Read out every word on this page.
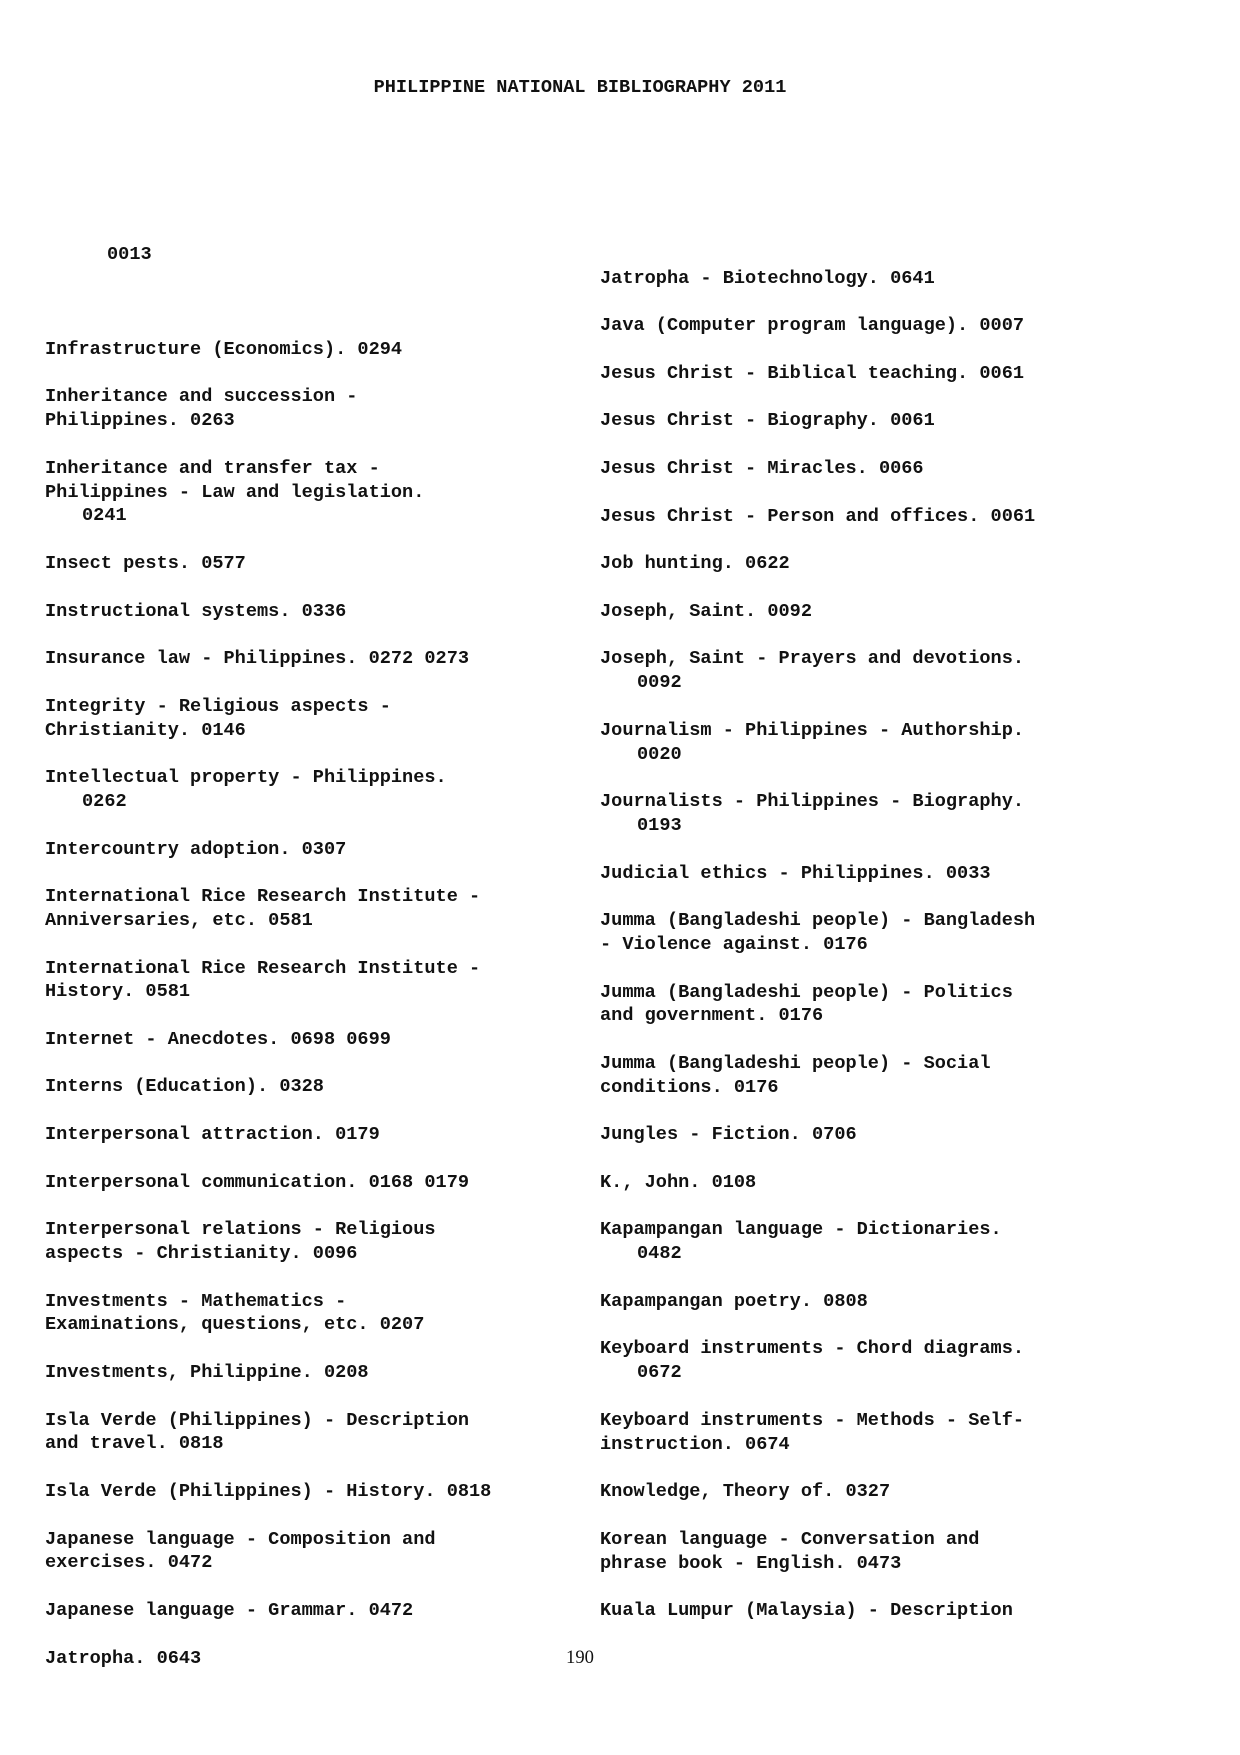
PHILIPPINE NATIONAL BIBLIOGRAPHY 2011

0013

Infrastructure (Economics). 0294
Inheritance and succession -
Philippines. 0263
Inheritance and transfer tax -
Philippines - Law and legislation.
0241
Insect pests. 0577
Instructional systems. 0336
Insurance law - Philippines. 0272 0273
Integrity - Religious aspects -
Christianity. 0146
Intellectual property - Philippines.
0262
Intercountry adoption. 0307
International Rice Research Institute -
Anniversaries, etc. 0581
International Rice Research Institute -
History. 0581
Internet - Anecdotes. 0698 0699
Interns (Education). 0328
Interpersonal attraction. 0179
Interpersonal communication. 0168 0179
Interpersonal relations - Religious
aspects - Christianity. 0096
Investments - Mathematics -
Examinations, questions, etc. 0207
Investments, Philippine. 0208
Isla Verde (Philippines) - Description
and travel. 0818
Isla Verde (Philippines) - History. 0818
Japanese language - Composition and
exercises. 0472
Japanese language - Grammar. 0472
Jatropha. 0643

Jatropha - Biotechnology. 0641
Java (Computer program language). 0007
Jesus Christ - Biblical teaching. 0061
Jesus Christ - Biography. 0061
Jesus Christ - Miracles. 0066
Jesus Christ - Person and offices. 0061
Job hunting. 0622
Joseph, Saint. 0092
Joseph, Saint - Prayers and devotions.
0092
Journalism - Philippines - Authorship.
0020
Journalists - Philippines - Biography.
0193
Judicial ethics - Philippines. 0033
Jumma (Bangladeshi people) - Bangladesh
- Violence against. 0176
Jumma (Bangladeshi people) - Politics
and government. 0176
Jumma (Bangladeshi people) - Social
conditions. 0176
Jungles - Fiction. 0706
K., John. 0108
Kapampangan language - Dictionaries.
0482
Kapampangan poetry. 0808
Keyboard instruments - Chord diagrams.
0672
Keyboard instruments - Methods - Self-
instruction. 0674
Knowledge, Theory of. 0327
Korean language - Conversation and
phrase book - English. 0473
Kuala Lumpur (Malaysia) - Description

190
